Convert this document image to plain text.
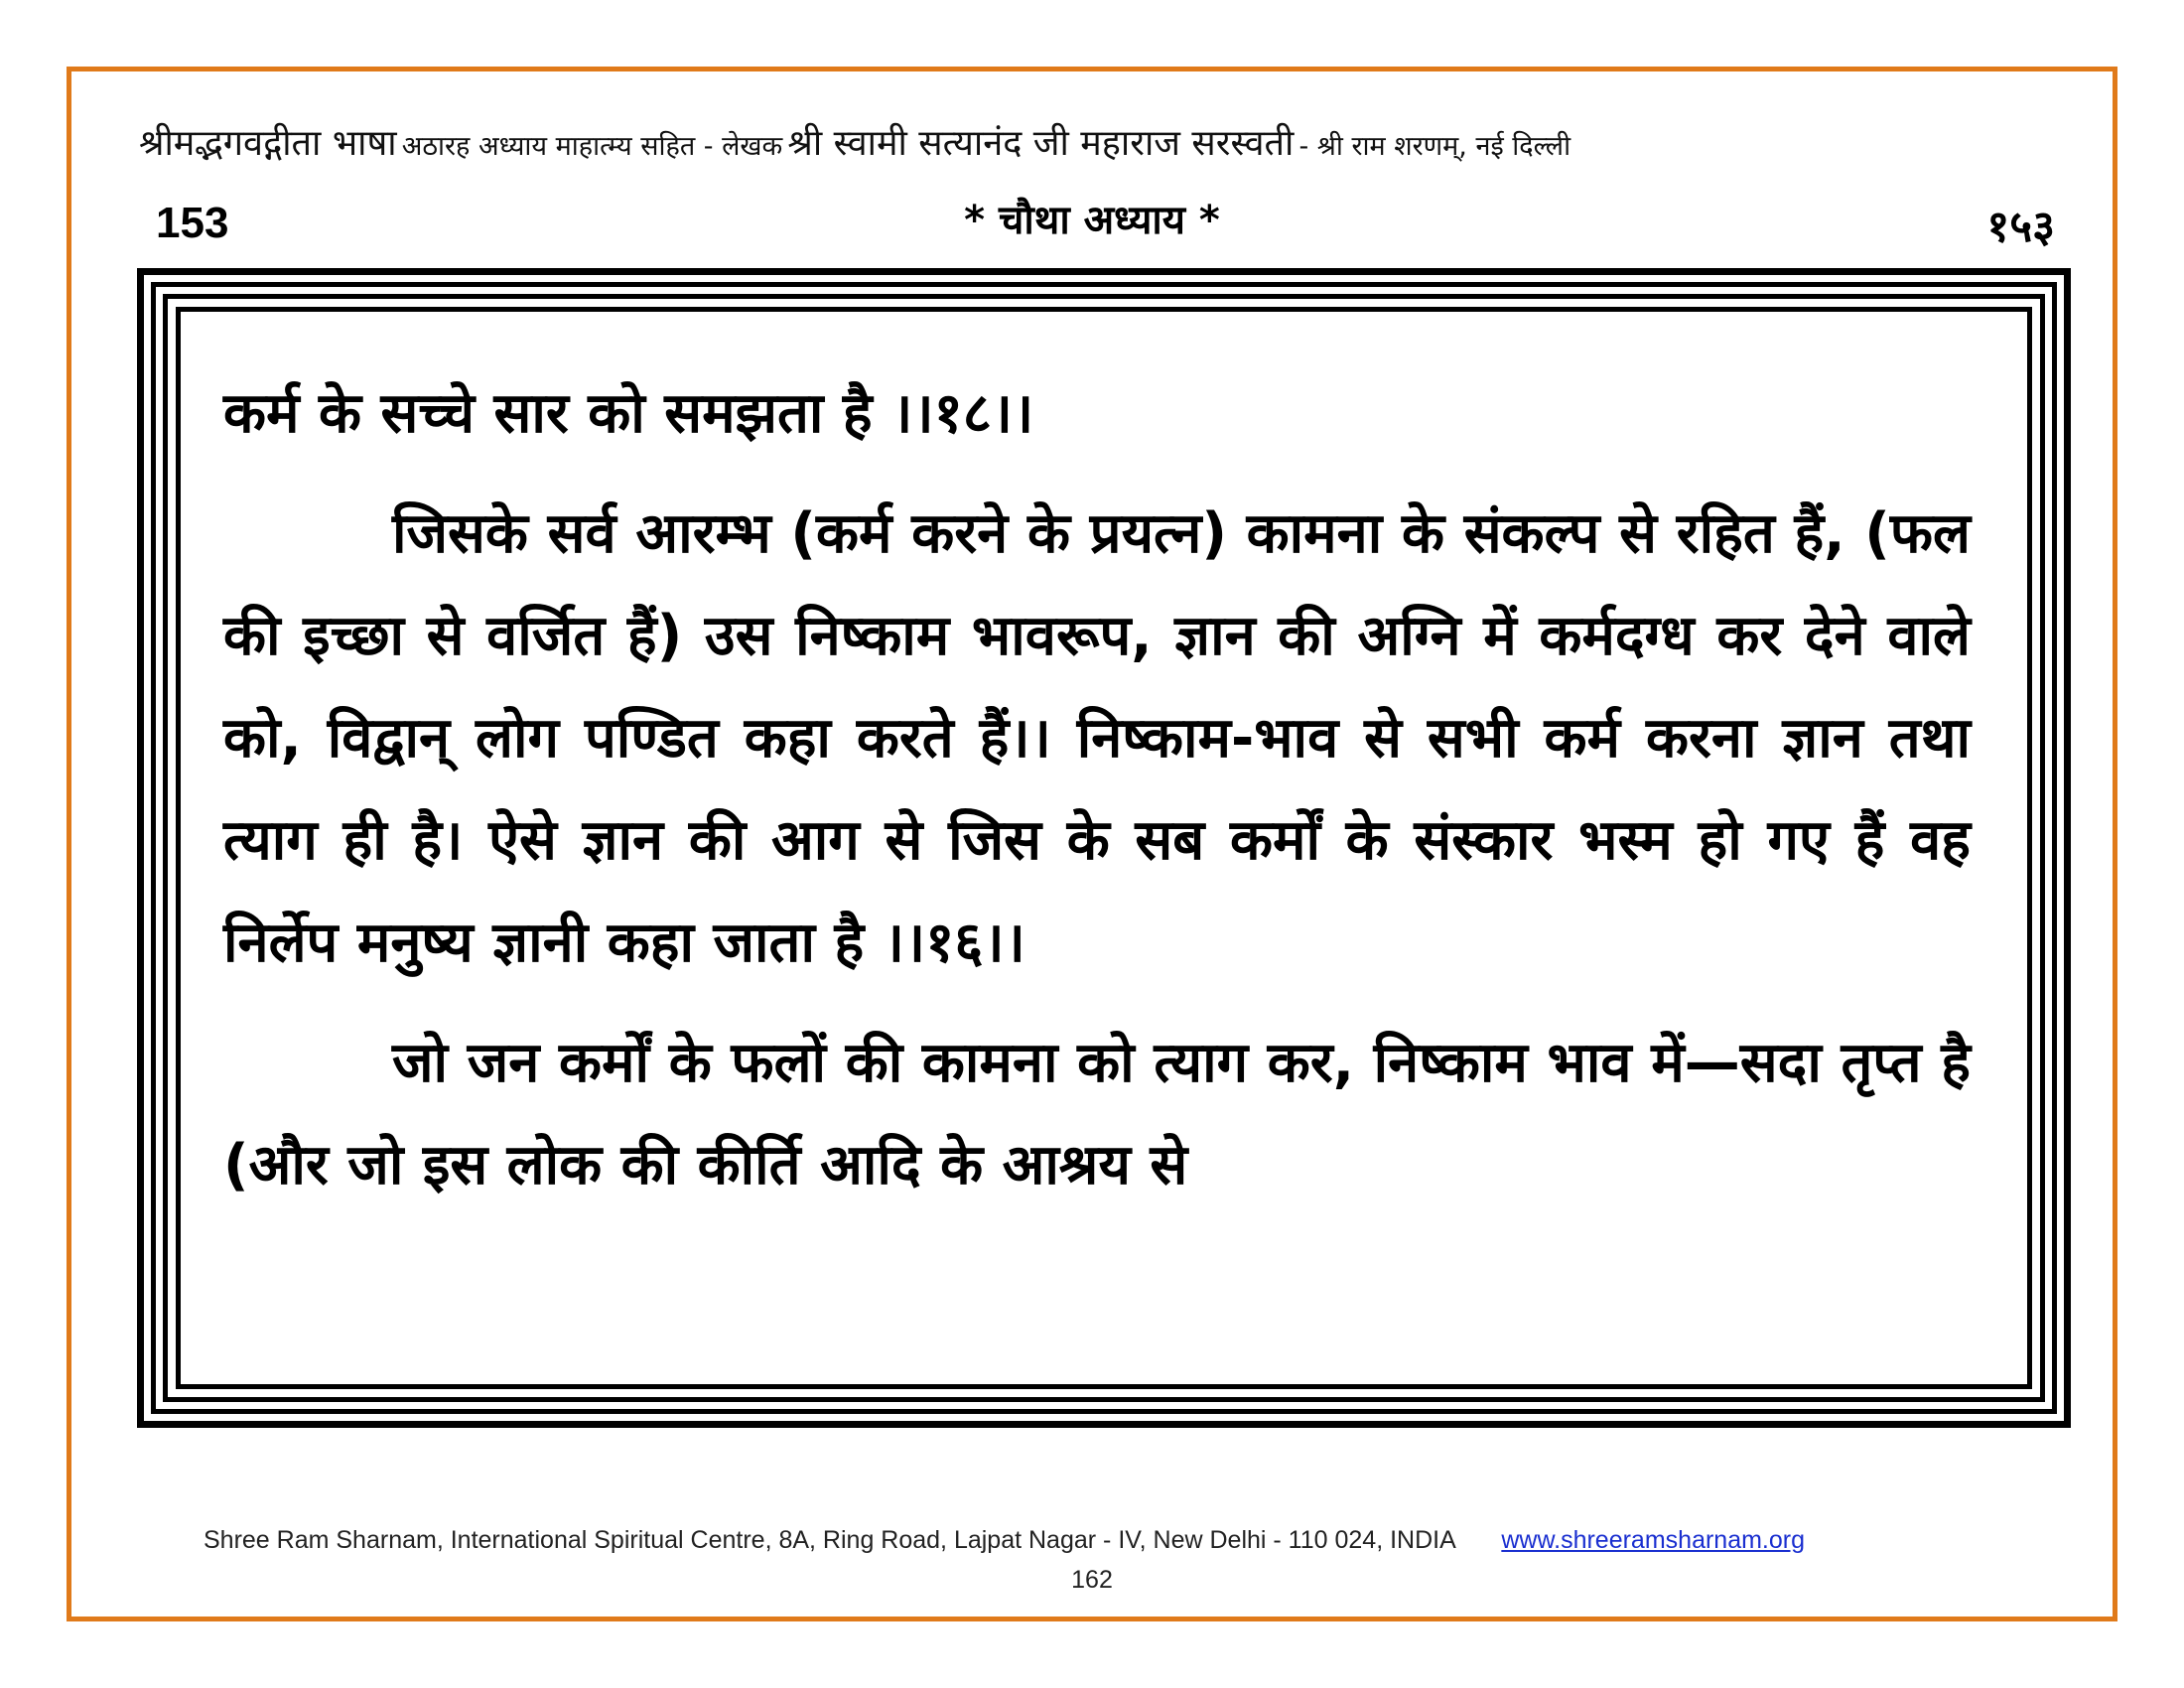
श्रीमद्भगवद्गीता भाषा अठारह अध्याय माहात्म्य सहित - लेखक श्री स्वामी सत्यानंद जी महाराज सरस्वती - श्री राम शरणम्, नई दिल्ली
153	* चौथा अध्याय *	१५३

कर्म के सच्चे सार को समझता है ।।१८।।

जिसके सर्व आरम्भ (कर्म करने के प्रयत्न) कामना के संकल्प से रहित हैं, (फल की इच्छा से वर्जित हैं) उस निष्काम भावरूप, ज्ञान की अग्नि में कर्मदग्ध कर देने वाले को, विद्वान् लोग पण्डित कहा करते हैं।। निष्काम-भाव से सभी कर्म करना ज्ञान तथा त्याग ही है। ऐसे ज्ञान की आग से जिस के सब कर्मों के संस्कार भस्म हो गए हैं वह निर्लेप मनुष्य ज्ञानी कहा जाता है ।।१६।।

जो जन कर्मों के फलों की कामना को त्याग कर, निष्काम भाव में—सदा तृप्त है (और जो इस लोक की कीर्ति आदि के आश्रय से

Shree Ram Sharnam, International Spiritual Centre, 8A, Ring Road, Lajpat Nagar - IV, New Delhi - 110 024, INDIA www.shreeramsharnam.org
162
